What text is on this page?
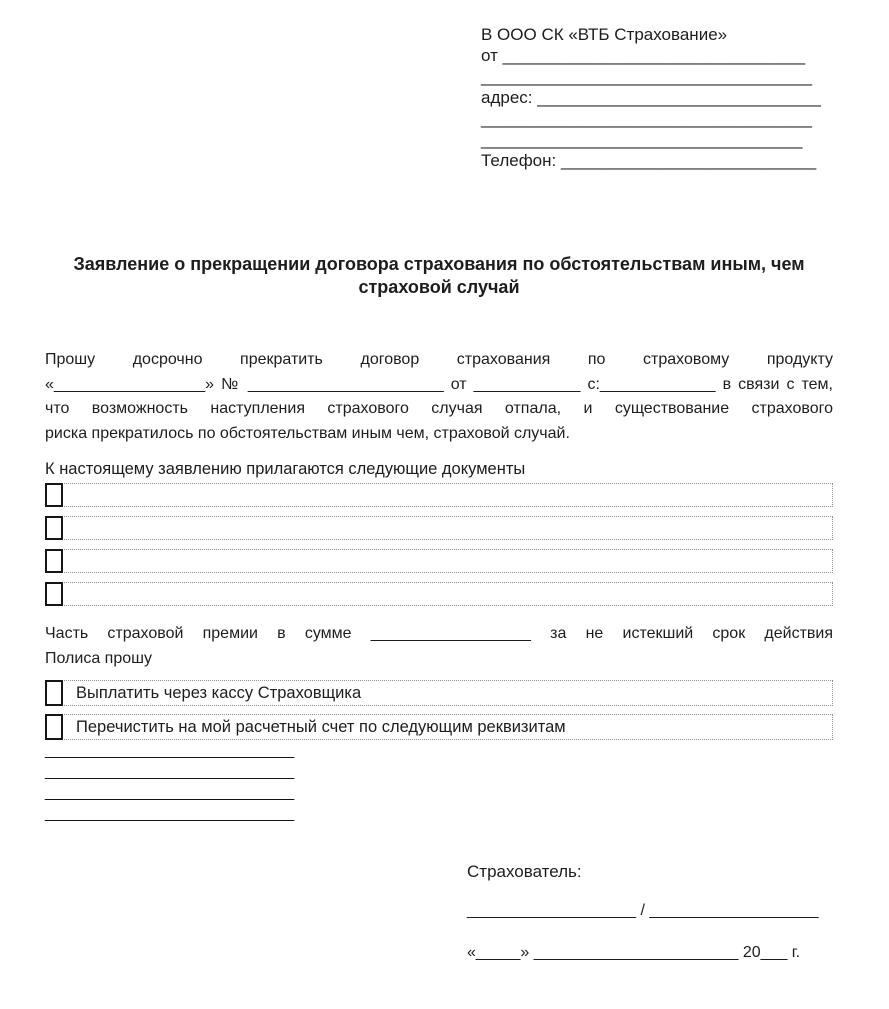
В ООО СК «ВТБ Страхование»
от ________________________________
___________________________________
адрес: ______________________________
___________________________________
__________________________________
Телефон: ___________________________
Заявление о прекращении договора страхования по обстоятельствам иным, чем
страховой случай
Прошу досрочно прекратить договор страхования по страховому продукту
«_________________» № ______________________ от ____________ с:_____________ в связи с тем,
что возможность наступления страхового случая отпала, и существование страхового
риска прекратилось по обстоятельствам иным чем, страховой случай.
К настоящему заявлению прилагаются следующие документы
Часть страховой премии в сумме __________________ за не истекший срок действия
Полиса прошу
Выплатить через кассу Страховщика
Перечистить на мой расчетный счет по следующим реквизитам
____________________________
____________________________
____________________________
____________________________
Страхователь:
___________________ / ___________________
«_____» _______________________ 20___ г.
